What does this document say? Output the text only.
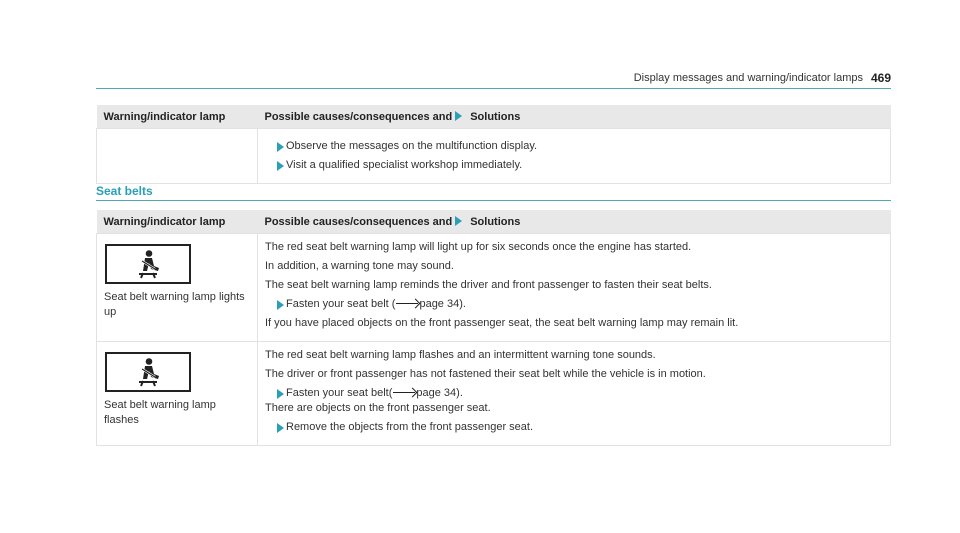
Display messages and warning/indicator lamps 469
Warning/indicator lamp	Possible causes/consequences and Solutions

Observe the messages on the multifunction display.
Visit a qualified specialist workshop immediately.
Seat belts
Warning/indicator lamp	Possible causes/consequences and Solutions

Seat belt warning lamp lights up	The red seat belt warning lamp will light up for six seconds once the engine has started.
In addition, a warning tone may sound.
The seat belt warning lamp reminds the driver and front passenger to fasten their seat belts.
Fasten your seat belt ( page 34).
If you have placed objects on the front passenger seat, the seat belt warning lamp may remain lit.

Seat belt warning lamp flashes	The red seat belt warning lamp flashes and an intermittent warning tone sounds.
The driver or front passenger has not fastened their seat belt while the vehicle is in motion.
Fasten your seat belt( page 34).
There are objects on the front passenger seat.
Remove the objects from the front passenger seat.
